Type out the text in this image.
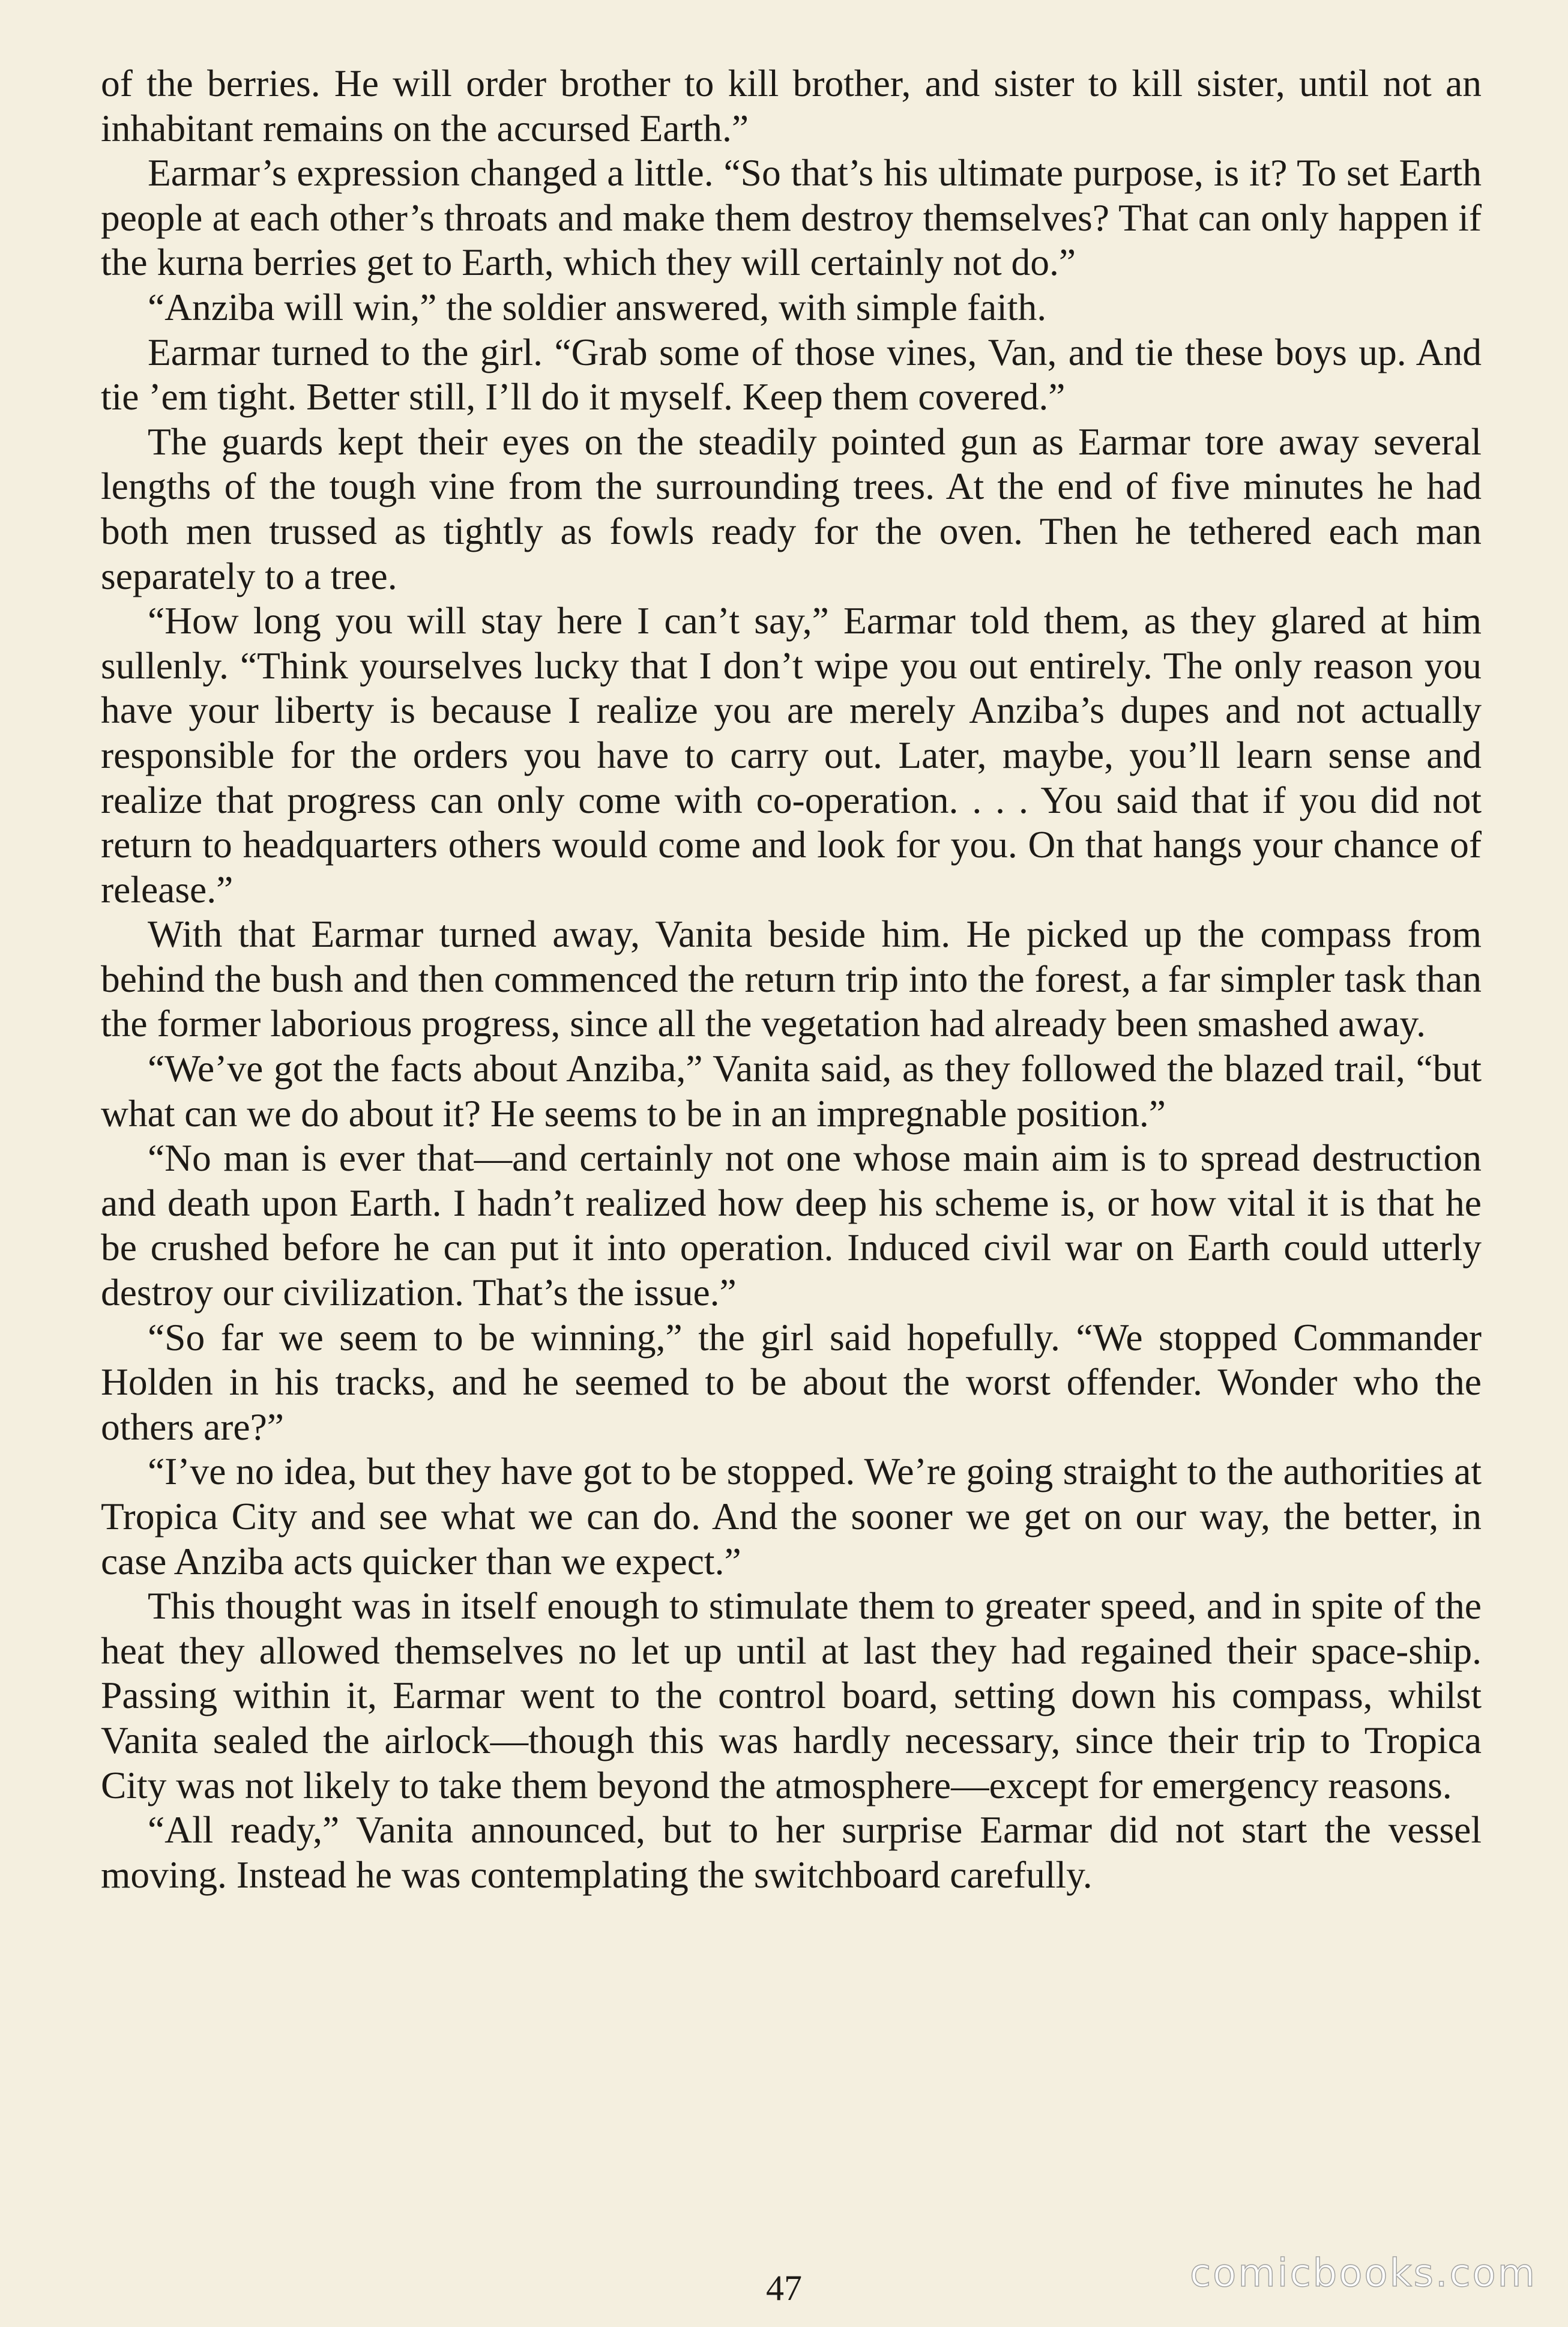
of the berries. He will order brother to kill brother, and sister to kill sister, until not an inhabitant remains on the accursed Earth.”

Earmar’s expression changed a little. “So that’s his ultimate purpose, is it? To set Earth people at each other’s throats and make them destroy themselves? That can only happen if the kurna berries get to Earth, which they will certainly not do.”

“Anziba will win,” the soldier answered, with simple faith.

Earmar turned to the girl. “Grab some of those vines, Van, and tie these boys up. And tie ’em tight. Better still, I’ll do it myself. Keep them covered.”

The guards kept their eyes on the steadily pointed gun as Earmar tore away several lengths of the tough vine from the surrounding trees. At the end of five minutes he had both men trussed as tightly as fowls ready for the oven. Then he tethered each man separately to a tree.

“How long you will stay here I can’t say,” Earmar told them, as they glared at him sullenly. “Think yourselves lucky that I don’t wipe you out entirely. The only reason you have your liberty is because I realize you are merely Anziba’s dupes and not actually responsible for the orders you have to carry out. Later, maybe, you’ll learn sense and realize that progress can only come with co-operation. . . . You said that if you did not return to headquarters others would come and look for you. On that hangs your chance of release.”

With that Earmar turned away, Vanita beside him. He picked up the compass from behind the bush and then commenced the return trip into the forest, a far simpler task than the former laborious progress, since all the vegetation had already been smashed away.

“We’ve got the facts about Anziba,” Vanita said, as they followed the blazed trail, “but what can we do about it? He seems to be in an impregnable position.”

“No man is ever that—and certainly not one whose main aim is to spread destruction and death upon Earth. I hadn’t realized how deep his scheme is, or how vital it is that he be crushed before he can put it into operation. Induced civil war on Earth could utterly destroy our civilization. That’s the issue.”

“So far we seem to be winning,” the girl said hopefully. “We stopped Commander Holden in his tracks, and he seemed to be about the worst offender. Wonder who the others are?”

“I’ve no idea, but they have got to be stopped. We’re going straight to the authorities at Tropica City and see what we can do. And the sooner we get on our way, the better, in case Anziba acts quicker than we expect.”

This thought was in itself enough to stimulate them to greater speed, and in spite of the heat they allowed themselves no let up until at last they had regained their space-ship. Passing within it, Earmar went to the control board, setting down his compass, whilst Vanita sealed the airlock—though this was hardly necessary, since their trip to Tropica City was not likely to take them beyond the atmosphere—except for emergency reasons.

“All ready,” Vanita announced, but to her surprise Earmar did not start the vessel moving. Instead he was contemplating the switchboard carefully.

47	comicbooks.com
